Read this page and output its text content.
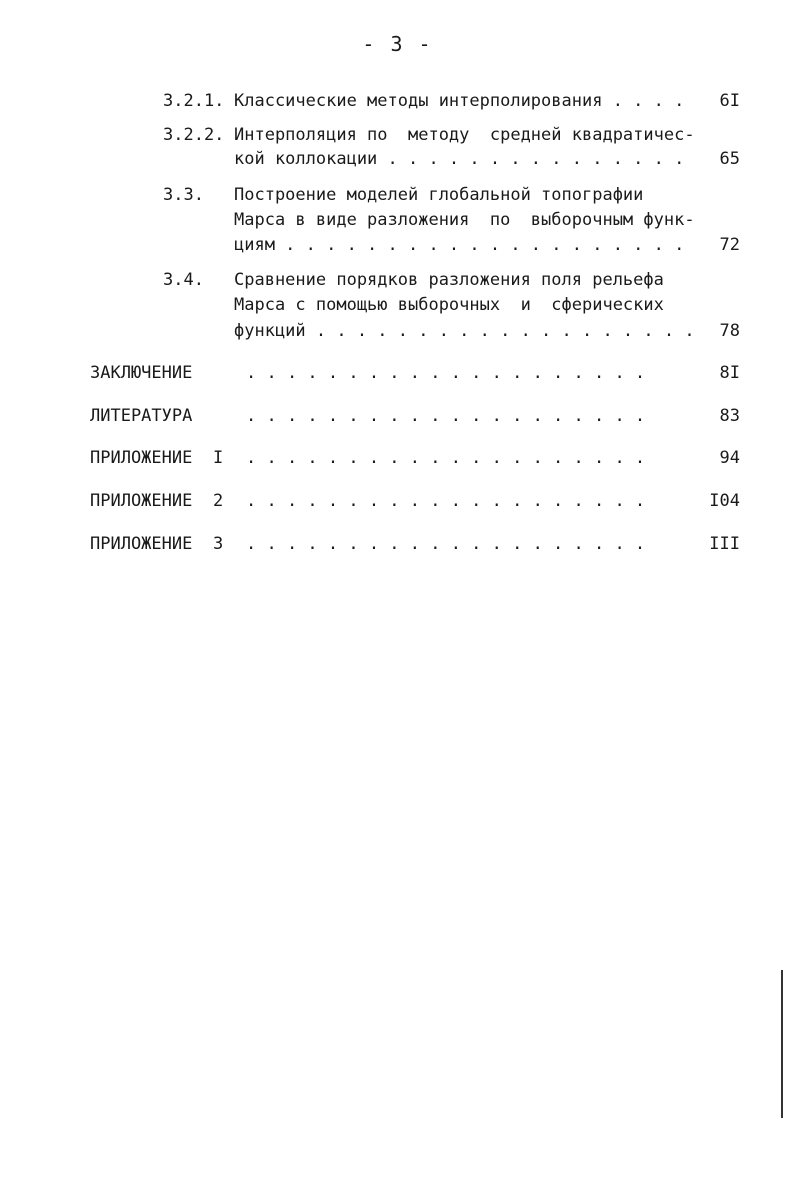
- 3 -
3.2.1. Классические методы интерполирования . . . .	6I
3.2.2. Интерполяция по  методу  средней квадратичес-
кой коллокации . . . . . . . . . . . . . . .	65
3.3. Построение моделей глобальной топографии
Марса в виде разложения  по  выборочным функ-
циям . . . . . . . . . . . . . . . . . . . .	72
3.4. Сравнение порядков разложения поля рельефа
Марса с помощью выборочных  и  сферических
функций . . . . . . . . . . . . . . . . . . .	78
ЗАКЛЮЧЕНИЕ	. . . . . . . . . . . . . . . . . . . .	8I
ЛИТЕРАТУРА	. . . . . . . . . . . . . . . . . . . .	83
ПРИЛОЖЕНИЕ I . . . . . . . . . . . . . . . . . . . .	94
ПРИЛОЖЕНИЕ 2 . . . . . . . . . . . . . . . . . . . .	I04
ПРИЛОЖЕНИЕ 3 . . . . . . . . . . . . . . . . . . . .	III
